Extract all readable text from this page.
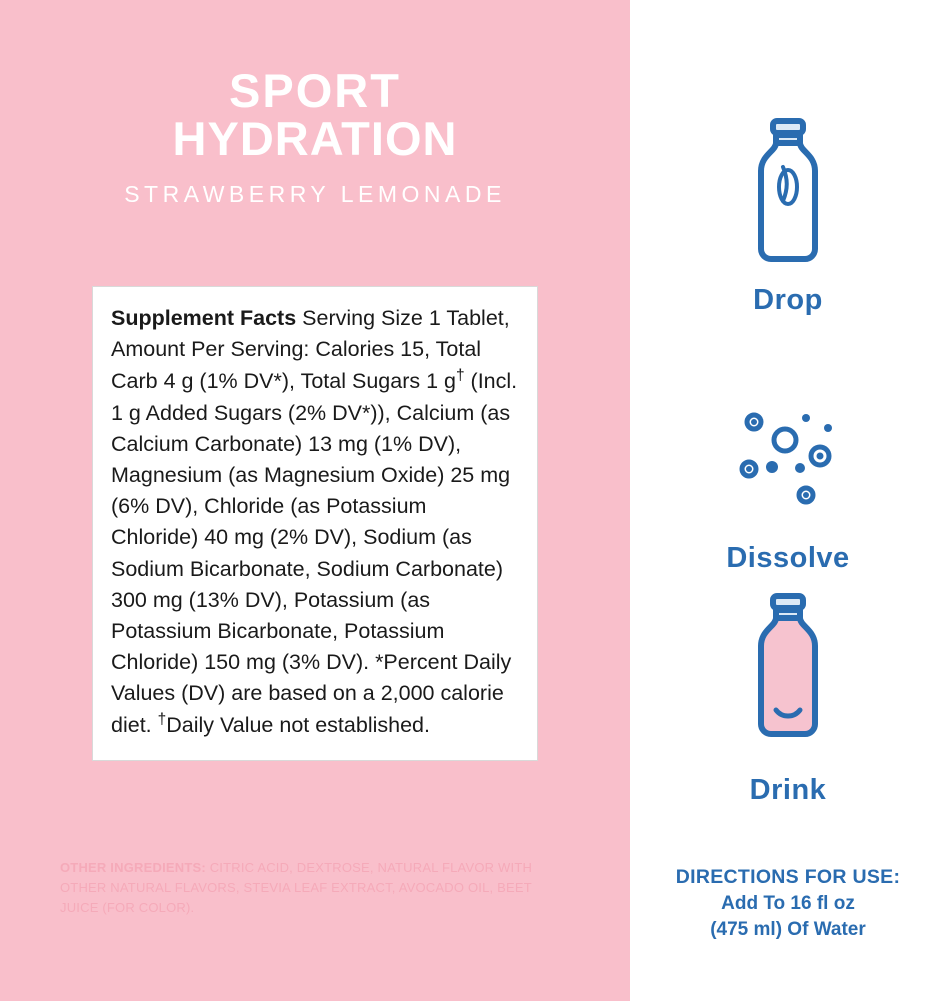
SPORT
HYDRATION
STRAWBERRY LEMONADE

Supplement Facts Serving Size 1 Tablet, Amount Per Serving: Calories 15, Total Carb 4 g (1% DV*), Total Sugars 1 g† (Incl. 1 g Added Sugars (2% DV*)), Calcium (as Calcium Carbonate) 13 mg (1% DV), Magnesium (as Magnesium Oxide) 25 mg (6% DV), Chloride (as Potassium Chloride) 40 mg (2% DV), Sodium (as Sodium Bicarbonate, Sodium Carbonate) 300 mg (13% DV), Potassium (as Potassium Bicarbonate, Potassium Chloride) 150 mg (3% DV). *Percent Daily Values (DV) are based on a 2,000 calorie diet. †Daily Value not established.

OTHER INGREDIENTS: CITRIC ACID, DEXTROSE, NATURAL FLAVOR WITH OTHER NATURAL FLAVORS, STEVIA LEAF EXTRACT, AVOCADO OIL, BEET JUICE (FOR COLOR).
Drop
Dissolve
Drink
DIRECTIONS FOR USE:
Add To 16 fl oz
(475 ml) Of Water
